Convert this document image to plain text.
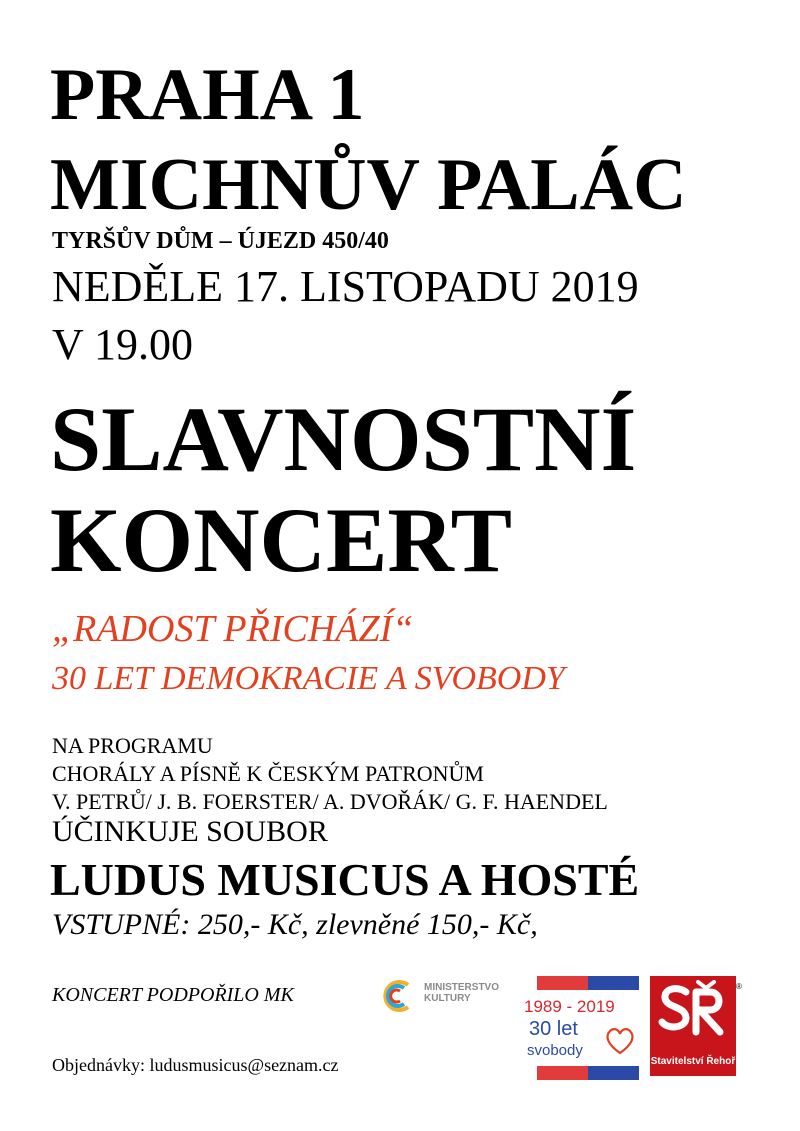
PRAHA 1
MICHNŮV PALÁC
TYRŠŮV DŮM – ÚJEZD 450/40
NEDĚLE 17. LISTOPADU 2019
V 19.00
SLAVNOSTNÍ
KONCERT
„RADOST PŘICHÁZÍ“
30 LET DEMOKRACIE A SVOBODY
NA PROGRAMU
CHORÁLY A PÍSNĚ K ČESKÝM PATRONŮM
V. PETRŮ/ J. B. FOERSTER/ A. DVOŘÁK/ G. F. HAENDEL
ÚČINKUJE SOUBOR
LUDUS MUSICUS A HOSTÉ
VSTUPNÉ: 250,- Kč, zlevněné 150,- Kč,
KONCERT PODPOŘILO MK
Objednávky: ludusmusicus@seznam.cz
MINISTERSTVO
KULTURY	1989 - 2019
30 let
svobody
Stavitelství Řehoř
®
